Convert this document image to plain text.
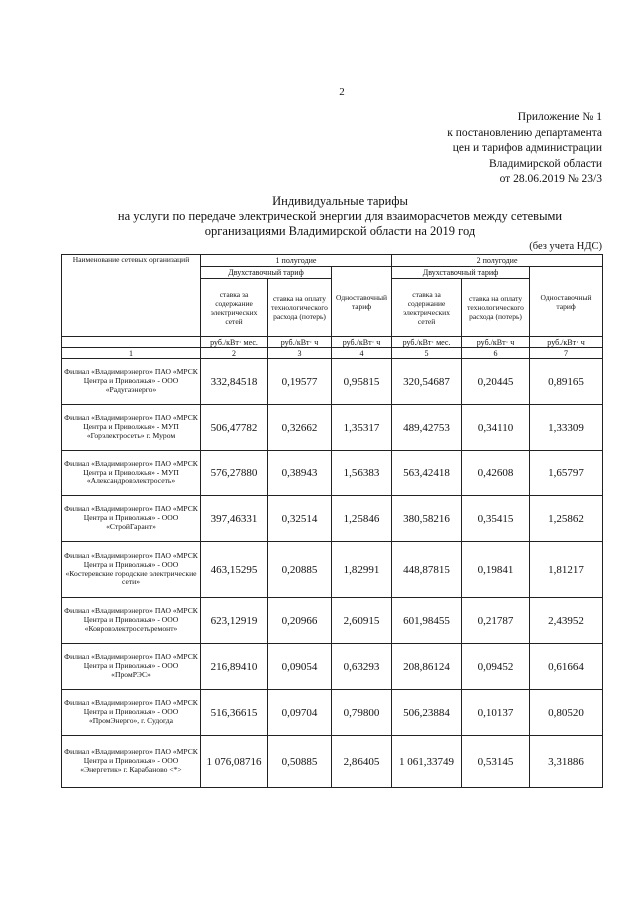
2
Приложение № 1
к постановлению департамента
цен и тарифов администрации
Владимирской области
от 28.06.2019 № 23/3
Индивидуальные тарифы
на услуги по передаче электрической энергии для взаиморасчетов между сетевыми
организациями Владимирской области на 2019 год
(без учета НДС)
Наименование сетевых организаций	1 полугодие			2 полугодие		
	Двухставочный тариф		Одноставочный тариф	Двухставочный тариф		Одноставочный тариф
	ставка за содержание электрических сетей	ставка на оплату технологического расхода (потерь)		ставка за содержание электрических сетей	ставка на оплату технологического расхода (потерь)	
	руб./кВт· мес.	руб./кВт· ч	руб./кВт· ч	руб./кВт· мес.	руб./кВт· ч	руб./кВт· ч
1	2	3	4	5	6	7
Филиал «Владимирэнерго» ПАО «МРСК Центра и Приволжья» - ООО «Радугаэнерго»	332,84518	0,19577	0,95815	320,54687	0,20445	0,89165
Филиал «Владимирэнерго» ПАО «МРСК Центра и Приволжья» - МУП «Горэлектросеть» г. Муром	506,47782	0,32662	1,35317	489,42753	0,34110	1,33309
Филиал «Владимирэнерго» ПАО «МРСК Центра и Приволжья» - МУП «Александровэлектросеть»	576,27880	0,38943	1,56383	563,42418	0,42608	1,65797
Филиал «Владимирэнерго» ПАО «МРСК Центра и Приволжья» - ООО «СтройГарант»	397,46331	0,32514	1,25846	380,58216	0,35415	1,25862
Филиал «Владимирэнерго» ПАО «МРСК Центра и Приволжья» - ООО «Костеревские городские электрические сети»	463,15295	0,20885	1,82991	448,87815	0,19841	1,81217
Филиал «Владимирэнерго» ПАО «МРСК Центра и Приволжья» - ООО «Ковровэлектросетьремонт»	623,12919	0,20966	2,60915	601,98455	0,21787	2,43952
Филиал «Владимирэнерго» ПАО «МРСК Центра и Приволжья» - ООО «ПромРЭС»	216,89410	0,09054	0,63293	208,86124	0,09452	0,61664
Филиал «Владимирэнерго» ПАО «МРСК Центра и Приволжья» - ООО «ПромЭнерго», г. Судогда	516,36615	0,09704	0,79800	506,23884	0,10137	0,80520
Филиал «Владимирэнерго» ПАО «МРСК Центра и Приволжья» - ООО «Энергетик» г. Карабаново <*>	1 076,08716	0,50885	2,86405	1 061,33749	0,53145	3,31886
